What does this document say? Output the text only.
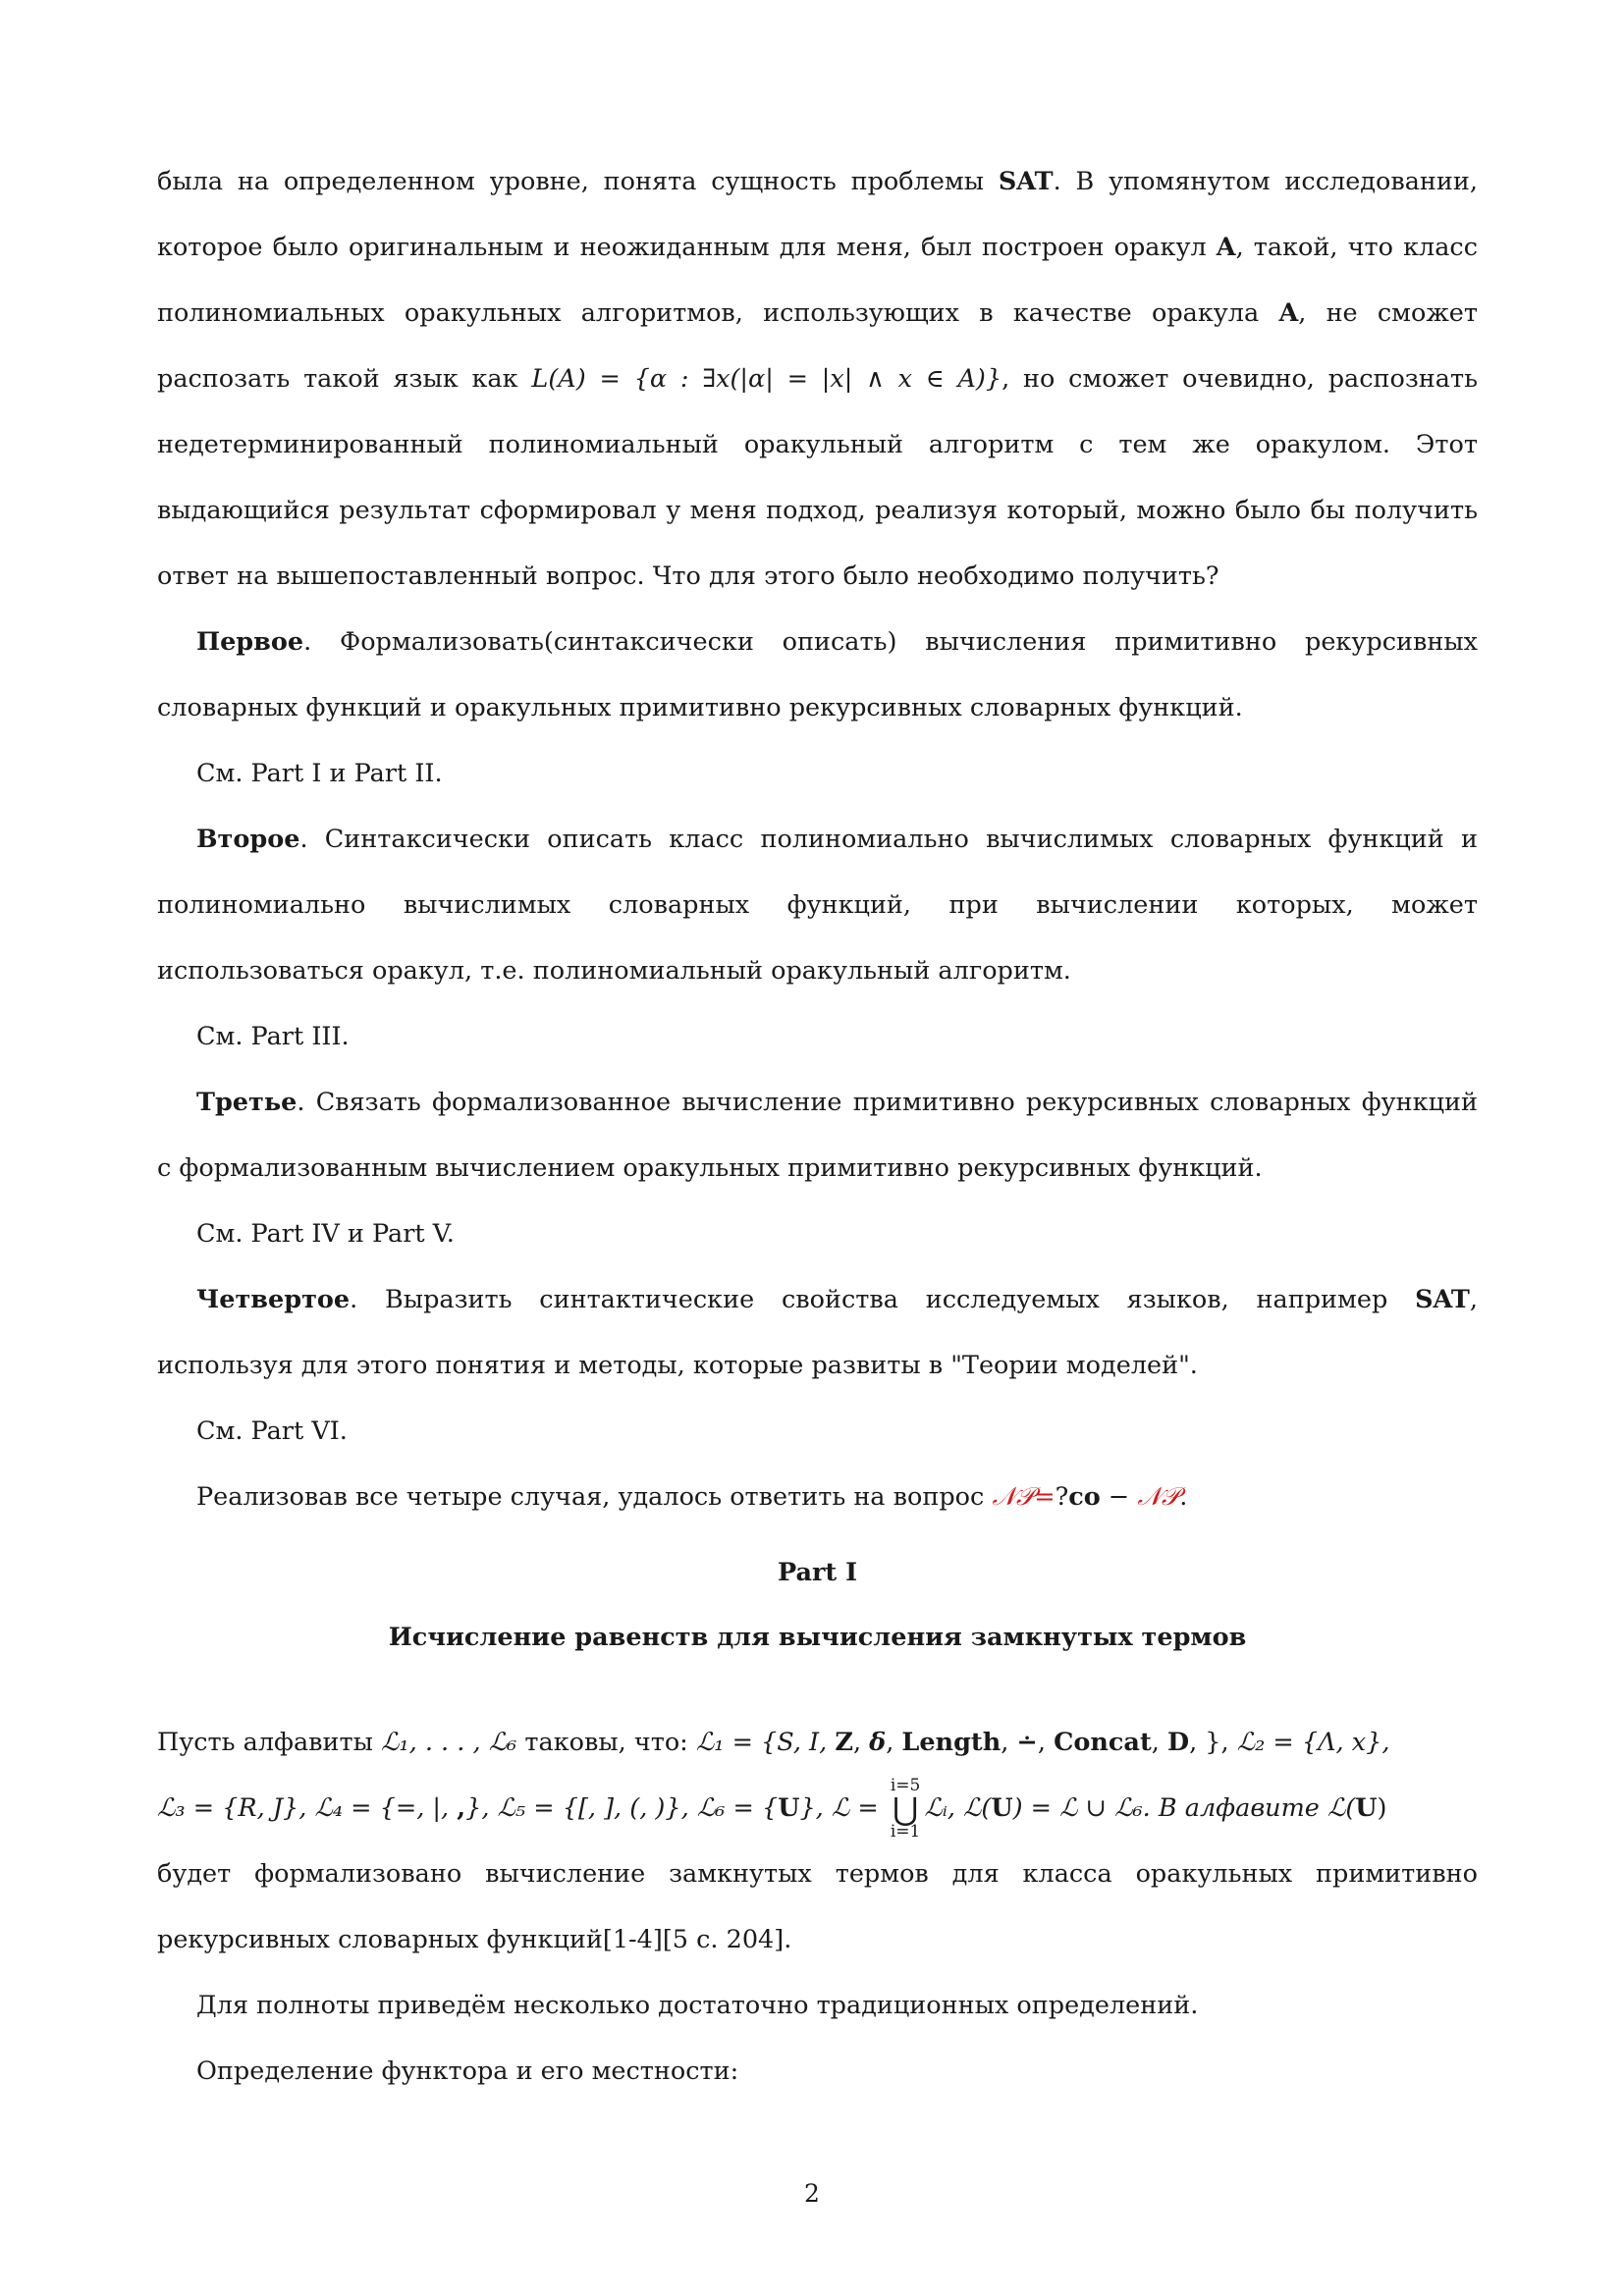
была на определенном уровне, понята сущность проблемы SAT. В упомянутом исследовании, которое было оригинальным и неожиданным для меня, был построен оракул A, такой, что класс полиномиальных оракульных алгоритмов, использующих в качестве оракула A, не сможет распозать такой язык как L(A) = {α : ∃x(|α| = |x| ∧ x ∈ A)}, но сможет очевидно, распознать недетерминированный полиномиальный оракульный алгоритм с тем же оракулом. Этот выдающийся результат сформировал у меня подход, реализуя который, можно было бы получить ответ на вышепоставленный вопрос. Что для этого было необходимо получить?

Первое. Формализовать(синтаксически описать) вычисления примитивно рекурсивных словарных функций и оракульных примитивно рекурсивных словарных функций.

См. Part I и Part II.

Второе. Синтаксически описать класс полиномиально вычислимых словарных функций и полиномиально вычислимых словарных функций, при вычислении которых, может использоваться оракул, т.е. полиномиальный оракульный алгоритм.

См. Part III.

Третье. Связать формализованное вычисление примитивно рекурсивных словарных функций с формализованным вычислением оракульных примитивно рекурсивных функций.

См. Part IV и Part V.

Четвертое. Выразить синтактические свойства исследуемых языков, например SAT, используя для этого понятия и методы, которые развиты в "Теории моделей".

См. Part VI.

Реализовав все четыре случая, удалось ответить на вопрос 𝒩𝒫=?co − 𝒩𝒫.

Part I

Исчисление равенств для вычисления замкнутых термов

Пусть алфавиты ℒ₁, . . . , ℒ₆ таковы, что: ℒ₁ = {S, I, Z, δ, Length, ∸, Concat, D, }, ℒ₂ = {Λ, x},
ℒ₃ = {R, J}, ℒ₄ = {=, |, ,}, ℒ₅ = {[, ], (, )}, ℒ₆ = {U}, ℒ = i=5
⋃
i=1ℒᵢ, ℒ(U) = ℒ ∪ ℒ₆. В алфавите ℒ(U)
будет формализовано вычисление замкнутых термов для класса оракульных примитивно рекурсивных словарных функций[1-4][5 с. 204].

Для полноты приведём несколько достаточно традиционных определений.

Определение функтора и его местности:

2
